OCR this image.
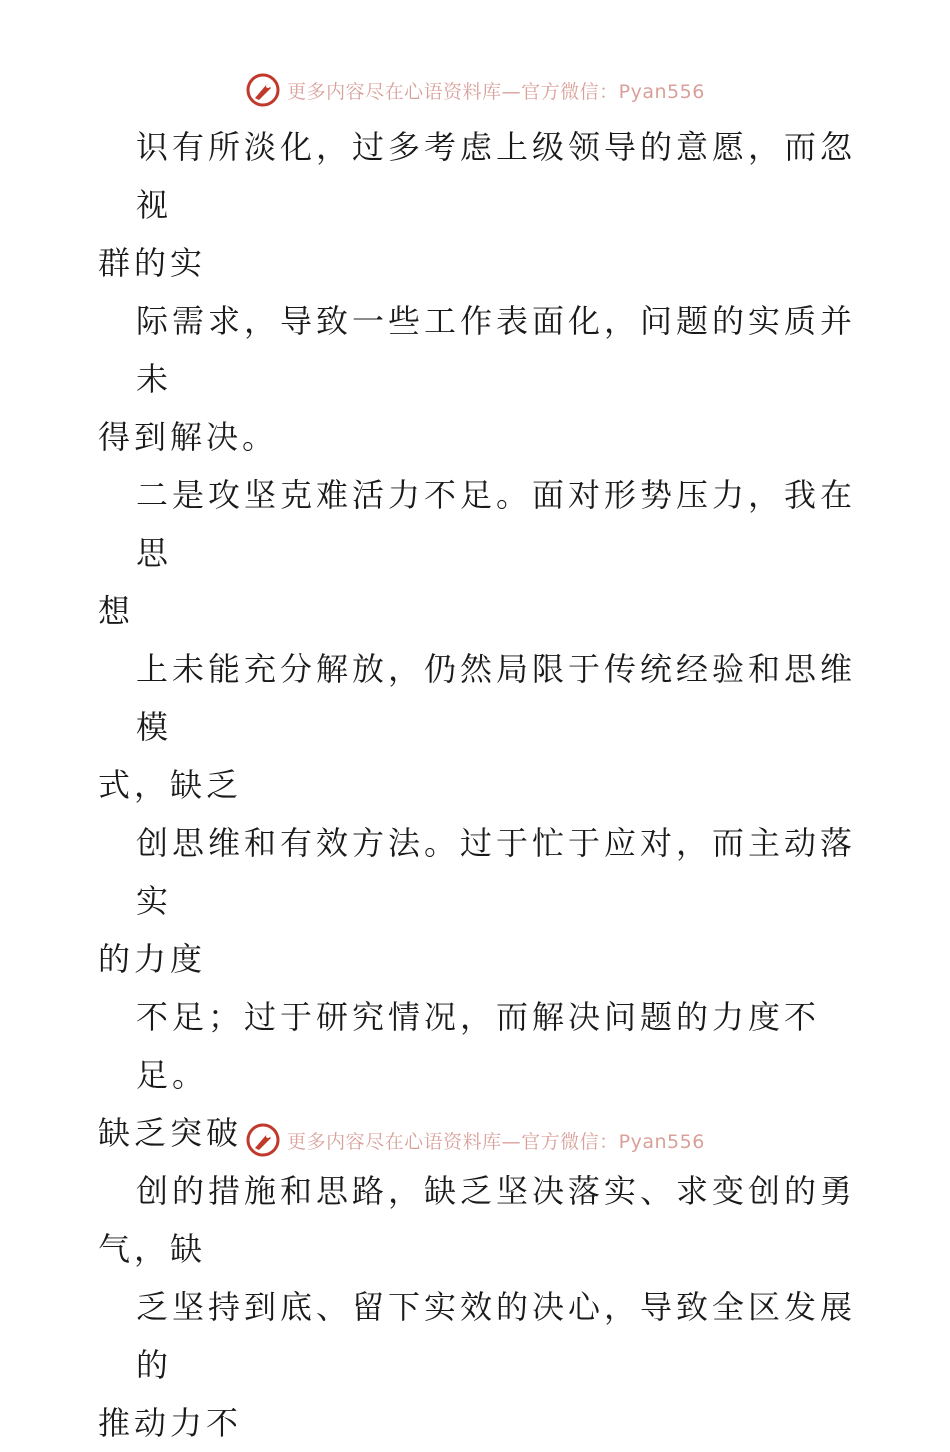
更多内容尽在心语资料库—官方微信：Pyan556

识有所淡化，过多考虑上级领导的意愿，而忽视

群的实

际需求，导致一些工作表面化，问题的实质并未

得到解决。

二是攻坚克难活力不足。面对形势压力，我在思

想

上未能充分解放，仍然局限于传统经验和思维模

式，缺乏

创思维和有效方法。过于忙于应对，而主动落实

的力度

不足；过于研究情况，而解决问题的力度不足。

缺乏突破

创的措施和思路，缺乏坚决落实、求变创的勇

气，缺

乏坚持到底、留下实效的决心，导致全区发展的

推动力不

更多内容尽在心语资料库—官方微信：Pyan556
